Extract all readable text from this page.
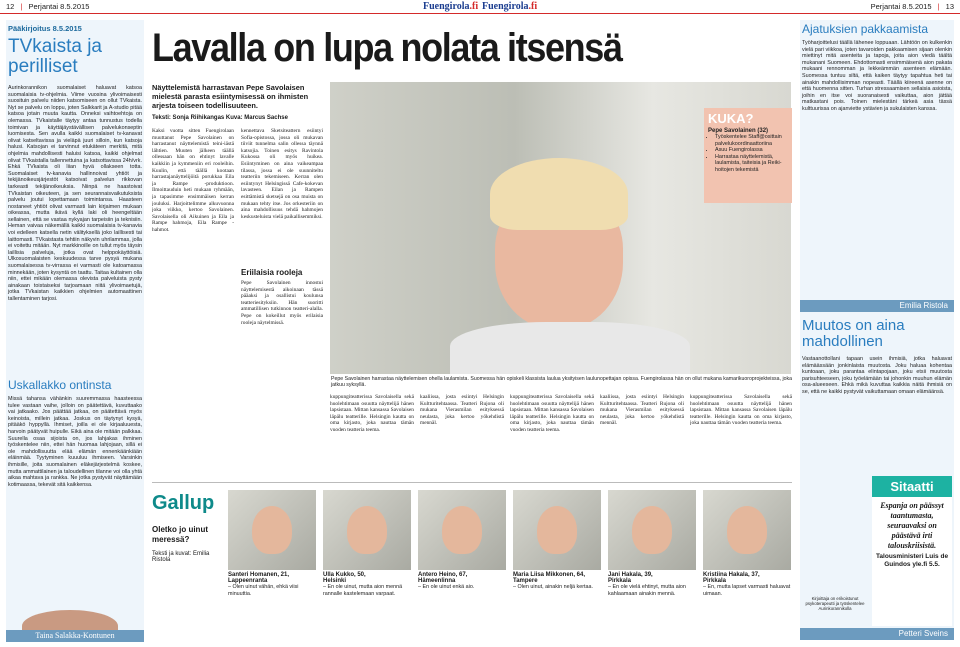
12 | Perjantai 8.5.2015	Fuengirola.fi Fuengirola.fi	Perjantai 8.5.2015 | 13
Pääkirjoitus 8.5.2015
TVkaista ja
perilliset
Aurinkorannikon suomalaiset haluavat katsoa suomalaisia tv-ohjelmia. Viime vuosina ylivoimaisesti suosituin palvelu niiden katsomiseen on ollut TVkaista. Nyt se palvelu on loppu, joten Salkkarit ja A-studio pitää katsoa jotain muuta kautta. Onneksi vaihtoehtoja on olemassa. TVkaistalle täytyy antaa tunnustus todella toimivan ja käyttäjäystävällisen palvelukonseptin luomisesta. Sen avulla kaikki suomalaiset tv-kanavat olivat katseltavissa ja vieläpä juuri silloin, kun katsoja halusi. Katsojan ei tarvinnut etukäteen merkitä, mitä ohjelmia mahdollisesti haluisi katsoa, kaikki ohjelmat olivat TVkaistalla tallennettuina ja katsottavissa 24h/vrk. Ehkä TVkaista oli liian hyvä ollakseen totta. Suomalaiset tv-kanavia hallinnoivat yhtiöt ja tekijänoikeusjärjestöt katsoivat palvelun rikkovan tarkeasti tekijänoikeuksia. Niinpä ne haastoivat TVkaistan oikeuteen, ja sen seurannaisvaikutuksista palvelu joutui lopettamaan toimintansa. Haasteen nostaneet yhtiöt olivat varmasti lain kirjaimen mukaan oikeassa, mutta ikävä kyllä laki oli heengeltään sellainen, että se vastaa nykyajan tarpeisiin ja teknisiin. Heman vaivaa näkemällä kaikki suomalaisia tv-kanavia voi edelleen katsella netin välityksellä joko laillisesti tai laittomasti. TVkaistasta tehtiin näkyvin uhrilammas, jolla ei voitettu mitään. Nyt markkinoille on tullut myös täysin laillisia palveluja, jotka ovat helppokäyttöisiä. Ulkosuomalaisten keskuudessa tarve pysyä mukana suomalaisessa tv-virrassa ei varmasti ole katoamassa minnekään, joten kysyntä on taattu. Taitaa kultainen olla niin, ettei mikään olemassa olevista palveluista pysty ainakaan toistaiseksi tarjoamaan niitä ylivoimaetujä, jotka TVkaistan kaikkien ohjelmien automaattinen tallentaminen tarjosi.
Uskallakko ontinsta
Missä tahansa vähänkin suuremmassa haasteessa tulee vastaan vaihe, jolloin on päätettävä, kuvuttaako vai jatkaako. Jos päättää jatkaa, on päätettävä myös keinoista, millein jatkaa. Joskus on täytynyt kysyä, pitääkö hyppyllä. Ihmiset, joilla ei ole kirjaaluuesta, harvoin päätyvät huipulle. Eikä aina ole mitään palkkaa. Suurella osaa sijoista on, jos lahjakas ihminen työskentelee niin, ettei hän huomaa lahjojaan, sillä ei ole mahdollisuutta elää elämän ennenkäänkiään eläinmää. Tyytyminen kuuuluu ihmiseen. Varsinkin ihmisille, joita suomalainen eläkejärjestelmä koskee, mutta ammattilainen ja taloudellinen tilanne voi olla yhtä aikaa mahtava ja rankka. Ne jotka pystyvät näyttämään kotimaassa, tekevät sitä kaikkensa.
Taina Salakka-Kontunen
Lavalla on lupa nolata itsensä
Näyttelemistä harrastavan Pepe Savolaisen mielestä parasta esiintymisessä on ihmisten arjesta toiseen todellisuuteen.
Teksti: Sonja Riihikangas Kuva: Marcus Sachse
Kaksi vuotta sitten Fuengirolaan muuttanut Pepe Savolainen on harrastanut näyttelemistä teini-iästä lähtien. Muuten jälkeen täällä ollessaan hän on ehtinyt lavalle kaikkiin ja kymmeniin eri rooleihin. Kuulin, että täällä kootaan harrastajanäyttelijöitä porukkaa Eila ja Rampe -produktioon. Ilmoittauduin heti mukaan ryhmään, ja tapasimme ensimmäisen kerran jouluksi. Harjoittelimme alkuvuonna joka viikko, kertoo Savolainen. Savolaisella oli Aikuinen ja Eila ja Rampe hahmoja, Eila Rampe -hahmot.
kennettava Sketsiteattern esiintyi Sofia-opistossa, jossa oli mukavan tiiviit tunnelma salin ollessa täynnä katsojia. Toinen esitys Ravintola Kukossa oli myös huikea. Esiintyminen on aina vaikeampaa tilassa, jossa ei ole suunniteltu teatteriin tekemiseen. Kerran olen esiintynyt Helsingissä Cafe-kokevan lavasteen. Eilan ja Rampen esittämistä sketsejä on osa muista on mukaan tehty itse. Jos orkesteriin on aina mahdollisuus tehdä hahmojen keskusteluista vielä paikallisemmiksi.
Eriilaisia rooleja
Pepe Savolainen innostui näyttelemisestä aikoinaan tässä pääaksi ja osallistui koulunsa teatteriesityksiin. Hän suoritti ammatillisen tutkinnon teatteri-alalla. Pepe on kokeillut myös erilaisia rooleja näytelmissä.
KUKA?
Pepe Savolainen (32)
• Työskentelee Staff@osittain palvelukoordinaattoriina
• Asuu Fuengirolassa
• Harrastaa näyttelemistä, laulamista, taiteisia ja Reiki-hoitojen tekemistä
Pepe Savolainen harrastaa näyttelemisen ohella laulamista. Suomessa hän opiskeli klassista laulua yksityisen laulunopettajan opissa. Fuengirolassa hän on ollut mukana kamarikuoroprojekteissa, joka jatkuu syksyllä.
kuppungiteatterissa Savolaisella sekä huolehtimaan osuutta näyttelijä hänen lapsistaan. Mittan kansassa Savolaisen läpälu teatterille. Helsingin kautta on oma kirjasto, joka nauttaa tämän vuoden teatteria teema.
kaaliissa, josta esiintyi Helsingin Kultturitehtaassa. Teatteri Rujona oli mukana Vierasmilan esityksessä neulasta, joka kertoo yökehdistä mennäl.
kuppungiteatterissa Savolaisella sekä huolehtimaan osuutta näyttelijä hänen lapsistaan. Mittan kansassa Savolaisen läpälu teatterille. Helsingin kautta on oma kirjasto, joka nauttaa tämän vuoden teatteria teema.
kaaliissa, josta esiintyi Helsingin Kultturitehtaassa. Teatteri Rujona oli mukana Vierasmilan esityksessä neulasta, joka kertoo yökehdistä mennäl.
kuppungiteatterissa Savolaisella sekä huolehtimaan osuutta näyttelijä hänen lapsistaan. Mittan kansassa Savolaisen läpälu teatterille. Helsingin kautta on oma kirjasto, joka nauttaa tämän vuoden teatteria teema.
Gallup
Oletko jo uinut meressä?
Teksti ja kuvat: Emilia Ristola
Santeri Homanen, 21,
Lappeenranta
– Olen uinut vähän, ehkä viisi minuuttia.
Ulla Kukko, 50,
Helsinki
– En ole uinut, mutta aion mennä rannalle kastelemaan varpaat.
Antero Heino, 67,
Hämeenlinna
– En ole uinut enkä aio.
Maria Liisa Mikkonen, 64,
Tampere
– Olen uinut, ainakin neljä kertaa.
Jani Hakala, 39,
Pirkkala
– En ole vielä ehtinyt, mutta aion kahlaamaan ainakin mennä.
Kristiina Hakala, 37,
Pirkkala
– En, mutta lapset varmasti haluavat uimaan.
Ajatuksien pakkaamista
Työharjoittelusi täällä lähenee loppuaan. Lähtöön on kulkenkin vielä pari viikkoa, joten tavaroiden pakkaamisen sijaan olenkin miettinyt mitä asenteita ja tapoja, joita aion viedä täältä mukanani Suomeen. Ehdottomasti ensimmäisenä aion pakata mukaani rennomman ja lekkeämmän asenteen elämään. Suomessa tuntuu siltä, että kaiken täytyy tapahtua heti tai ainakin mahdollisimman nopeasti. Täällä kiireenä asenne on että huomenna sitten. Turhan stressaamisen sellaisia asioista, joihin en itse voi suoranaisesti vaikuttaa, aion jättää matkastani pois. Toinen mielestäni tärkeä asia tässä kulttuurissa on ajanviette ystävien ja sukulaisten kanssa.
Emilia Ristola
Muutos on aina mahdollinen
Vastaanottollani tapaan usein ihmisiä, jotka haluavat elämäässään jonkinlaista muutosta. Joku haluaa kohentaa kuntoaan, joku parantaa elintapojaan, joku etsii muutosta parisuhteeseen, joku työelämään tai johonkin muuhun elämän osa-alueeseen. Ehkä mikä kuvuttaa kaikkia näitä ihmisiä on se, että ne kaikki pystyvät vaikuttamaan omaan elämäänsä.
Sitaatti
Espanja on päässyt taantumasta, seuraavaksi on päästävä irti talouskriisistä.
Talousministeri Luis de Guindos yle.fi 5.5.
Kirjoittaja on erikoistunut psykoterapeutti ja työskentelee Aurinkorannikolla
Petteri Sveins
